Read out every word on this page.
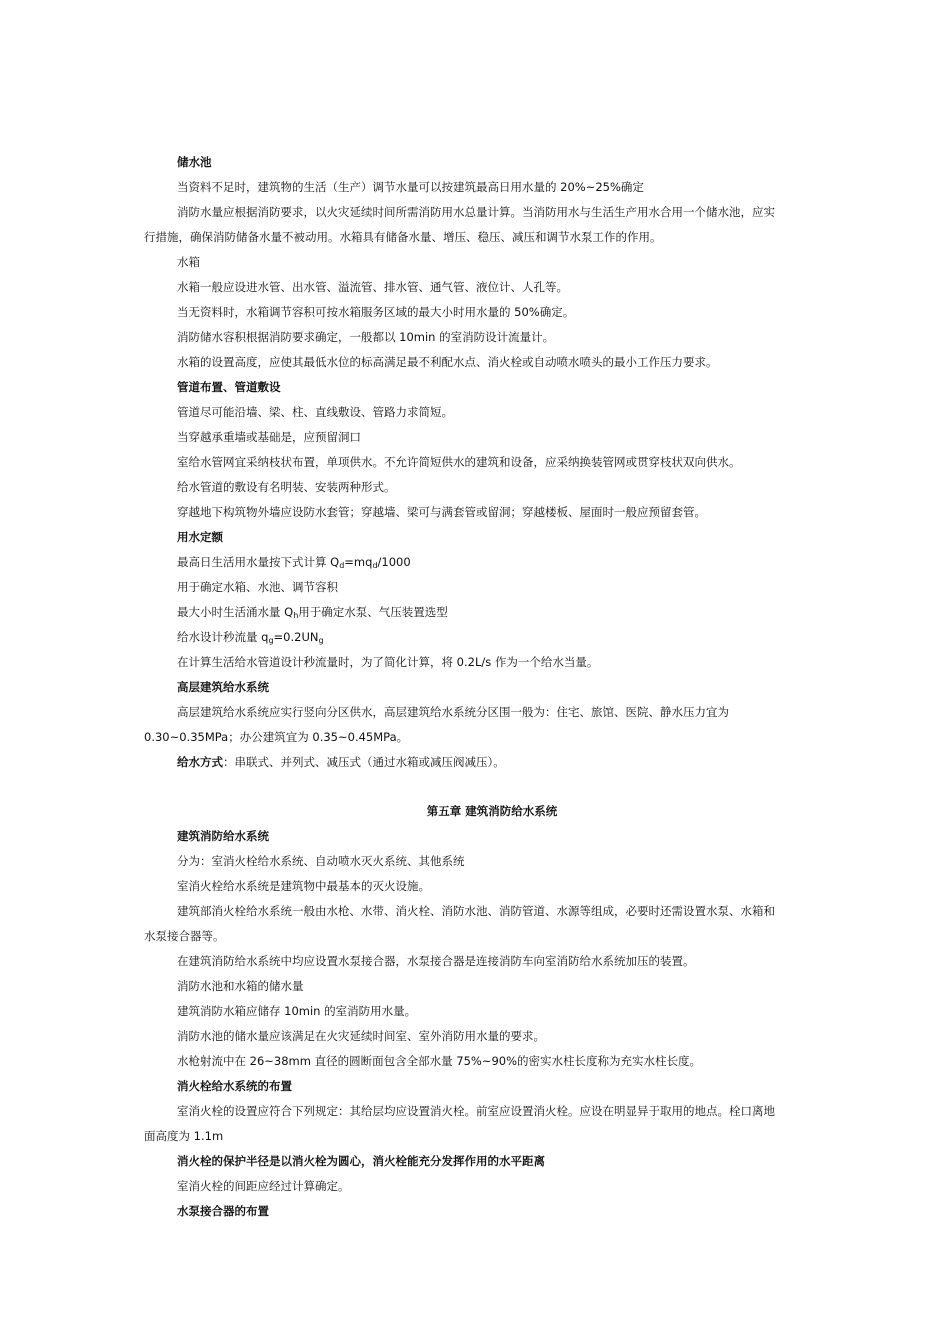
储水池
当资料不足时，建筑物的生活（生产）调节水量可以按建筑最高日用水量的 20%~25%确定
消防水量应根据消防要求，以火灾延续时间所需消防用水总量计算。当消防用水与生活生产用水合用一个储水池，应实
行措施，确保消防储备水量不被动用。水箱具有储备水量、增压、稳压、减压和调节水泵工作的作用。
水箱
水箱一般应设进水管、出水管、溢流管、排水管、通气管、液位计、人孔等。
当无资料时，水箱调节容积可按水箱服务区域的最大小时用水量的 50%确定。
消防储水容积根据消防要求确定，一般都以 10min 的室消防设计流量计。
水箱的设置高度，应使其最低水位的标高满足最不利配水点、消火栓或自动喷水喷头的最小工作压力要求。
管道布置、管道敷设
管道尽可能沿墙、梁、柱、直线敷设、管路力求简短。
当穿越承重墙或基础是，应预留洞口
室给水管网宜采纳枝状布置，单项供水。不允许简短供水的建筑和设备，应采纳换装管网或贯穿枝状双向供水。
给水管道的敷设有名明装、安装两种形式。
穿越地下构筑物外墙应设防水套管；穿越墙、梁可与满套管或留洞；穿越楼板、屋面时一般应预留套管。
用水定额
最高日生活用水量按下式计算 $Q_d=mq_d/1000$
用于确定水箱、水池、调节容积
最大小时生活涌水量 $Q_h$用于确定水泵、气压装置选型
给水设计秒流量 $q_g=0.2UN_g$
在计算生活给水管道设计秒流量时，为了简化计算，将 0.2L/s 作为一个给水当量。
高层建筑给水系统
高层建筑给水系统应实行竖向分区供水，高层建筑给水系统分区围一般为：住宅、旅馆、医院、静水压力宜为
0.30~0.35MPa；办公建筑宜为 0.35~0.45MPa。
给水方式：串联式、并列式、减压式（通过水箱或减压阀减压）。
第五章 建筑消防给水系统
建筑消防给水系统
分为：室消火栓给水系统、自动喷水灭火系统、其他系统
室消火栓给水系统是建筑物中最基本的灭火设施。
建筑部消火栓给水系统一般由水枪、水带、消火栓、消防水池、消防管道、水源等组成，必要时还需设置水泵、水箱和
水泵接合器等。
在建筑消防给水系统中均应设置水泵接合器，水泵接合器是连接消防车向室消防给水系统加压的装置。
消防水池和水箱的储水量
建筑消防水箱应储存 10min 的室消防用水量。
消防水池的储水量应该满足在火灾延续时间室、室外消防用水量的要求。
水枪射流中在 26~38mm 直径的圆断面包含全部水量 75%~90%的密实水柱长度称为充实水柱长度。
消火栓给水系统的布置
室消火栓的设置应符合下列规定：其给层均应设置消火栓。前室应设置消火栓。应设在明显异于取用的地点。栓口离地
面高度为 1.1m
消火栓的保护半径是以消火栓为圆心，消火栓能充分发挥作用的水平距离
室消火栓的间距应经过计算确定。
水泵接合器的布置
